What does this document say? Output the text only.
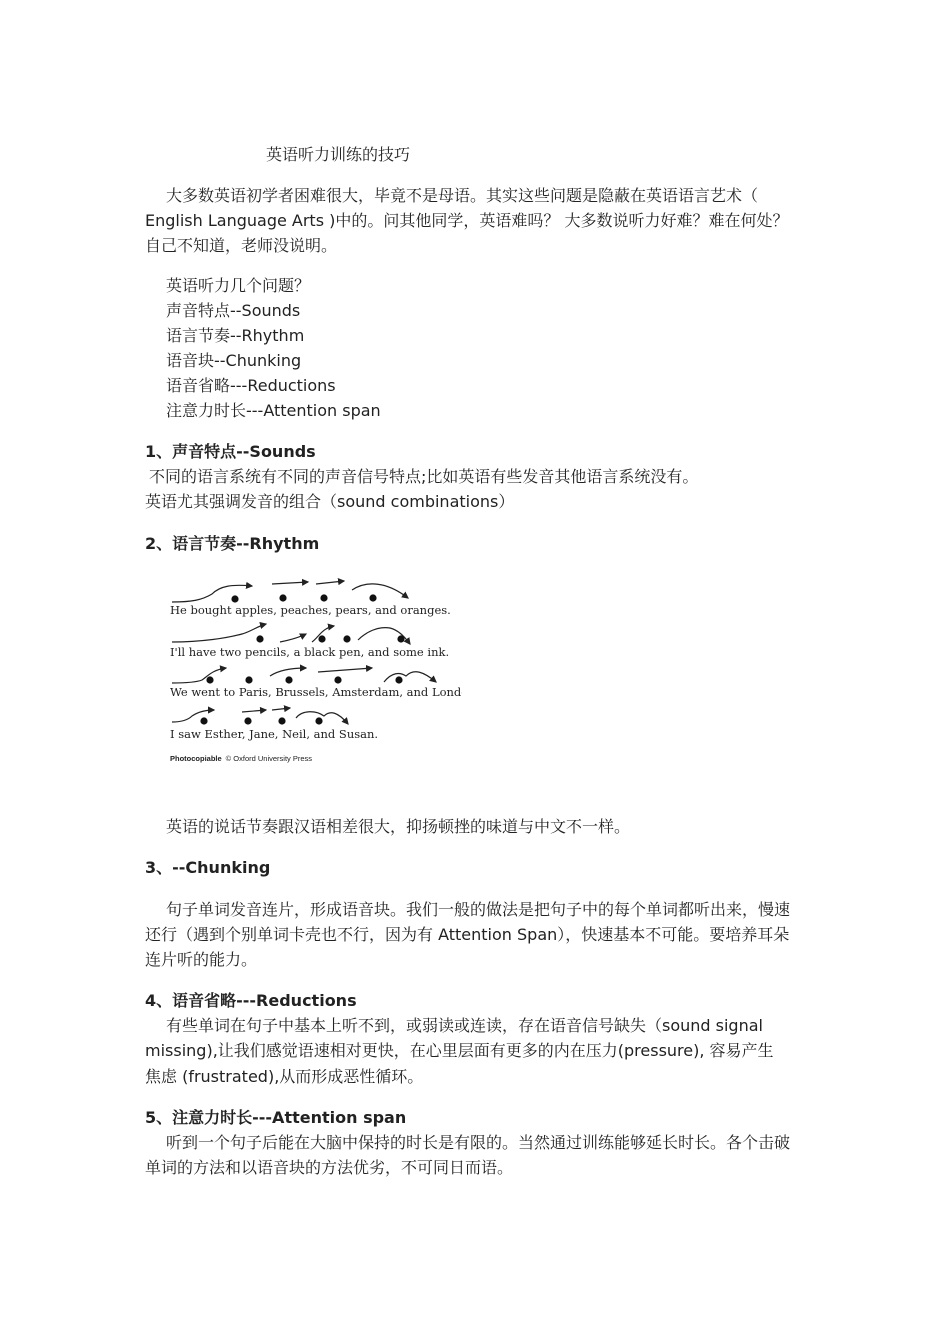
英语听力训练的技巧
大多数英语初学者困难很大，毕竟不是母语。其实这些问题是隐蔽在英语语言艺术（
English Language Arts )中的。问其他同学，英语难吗？ 大多数说听力好难？难在何处？
自己不知道，老师没说明。
英语听力几个问题？
声音特点--Sounds
语言节奏--Rhythm
语音块--Chunking
语音省略---Reductions
注意力时长---Attention span
1、声音特点--Sounds
不同的语言系统有不同的声音信号特点;比如英语有些发音其他语言系统没有。
英语尤其强调发音的组合（sound combinations）
2、语言节奏--Rhythm
He bought apples, peaches, pears, and oranges.
I'll have two pencils, a black pen, and some ink.
We went to Paris, Brussels, Amsterdam, and London.
I saw Esther, Jane, Neil, and Susan.
Photocopiable © Oxford University Press
英语的说话节奏跟汉语相差很大，抑扬顿挫的味道与中文不一样。
3、--Chunking
句子单词发音连片，形成语音块。我们一般的做法是把句子中的每个单词都听出来，慢速
还行（遇到个别单词卡壳也不行，因为有 Attention Span），快速基本不可能。要培养耳朵
连片听的能力。
4、语音省略---Reductions
有些单词在句子中基本上听不到，或弱读或连读，存在语音信号缺失（sound signal
missing),让我们感觉语速相对更快，在心里层面有更多的内在压力(pressure), 容易产生
焦虑 (frustrated),从而形成恶性循环。
5、注意力时长---Attention span
听到一个句子后能在大脑中保持的时长是有限的。当然通过训练能够延长时长。各个击破
单词的方法和以语音块的方法优劣，不可同日而语。
